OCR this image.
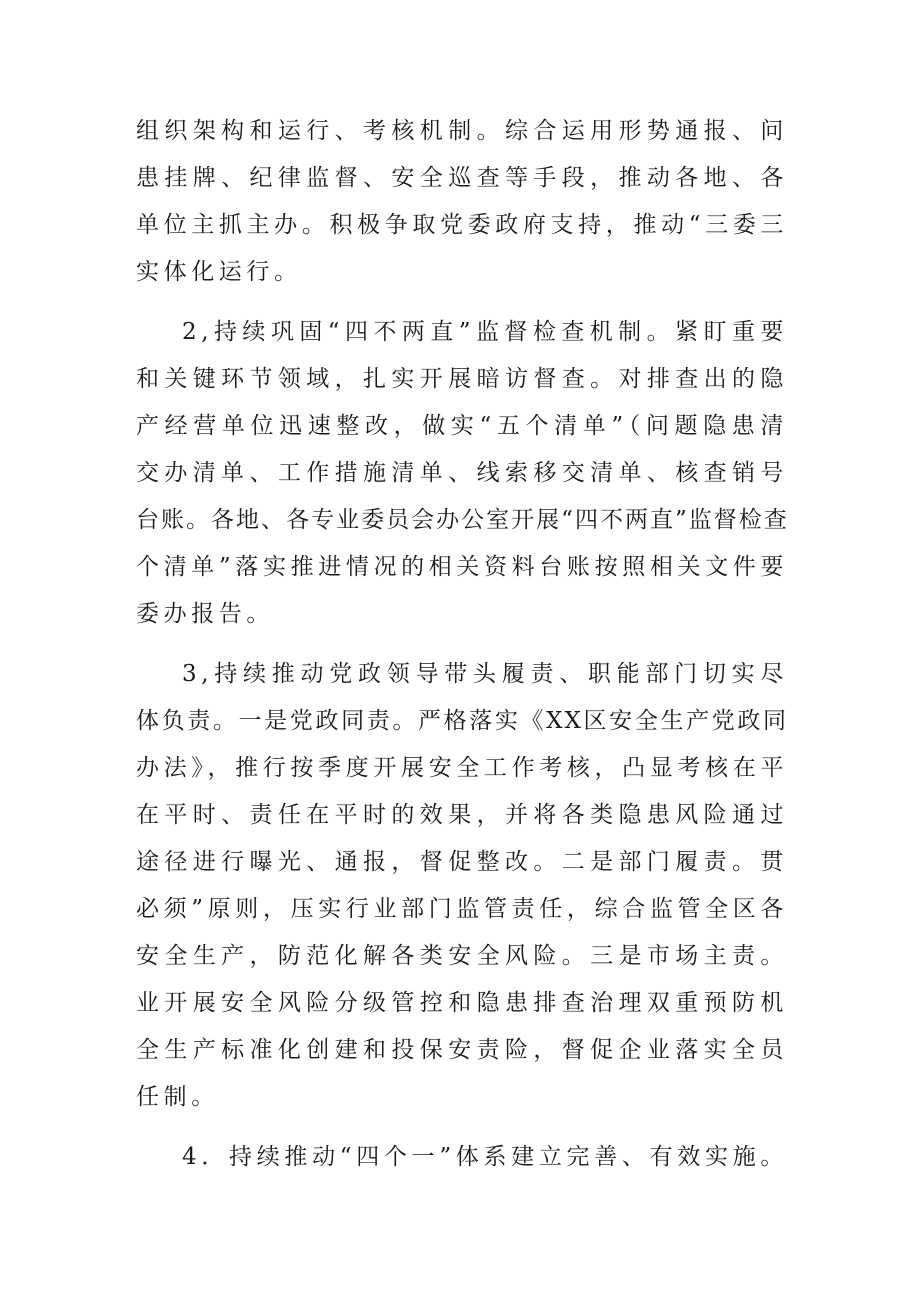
组织架构和运行、考核机制。综合运用形势通报、问
患挂牌、纪律监督、安全巡查等手段，推动各地、各
单位主抓主办。积极争取党委政府支持，推动“三委三
实体化运行。
2,持续巩固“四不两直”监督检查机制。紧盯重要
和关键环节领域，扎实开展暗访督查。对排查出的隐
产经营单位迅速整改，做实“五个清单”（问题隐患清
交办清单、工作措施清单、线索移交清单、核查销号
台账。各地、各专业委员会办公室开展“四不两直”监督检查
个清单”落实推进情况的相关资料台账按照相关文件要
委办报告。
3,持续推动党政领导带头履责、职能部门切实尽
体负责。一是党政同责。严格落实《XX区安全生产党政同
办法》，推行按季度开展安全工作考核，凸显考核在平
在平时、责任在平时的效果，并将各类隐患风险通过
途径进行曝光、通报，督促整改。二是部门履责。贯
必须”原则，压实行业部门监管责任，综合监管全区各
安全生产，防范化解各类安全风险。三是市场主责。
业开展安全风险分级管控和隐患排查治理双重预防机
全生产标准化创建和投保安责险，督促企业落实全员
任制。
4．持续推动“四个一”体系建立完善、有效实施。
